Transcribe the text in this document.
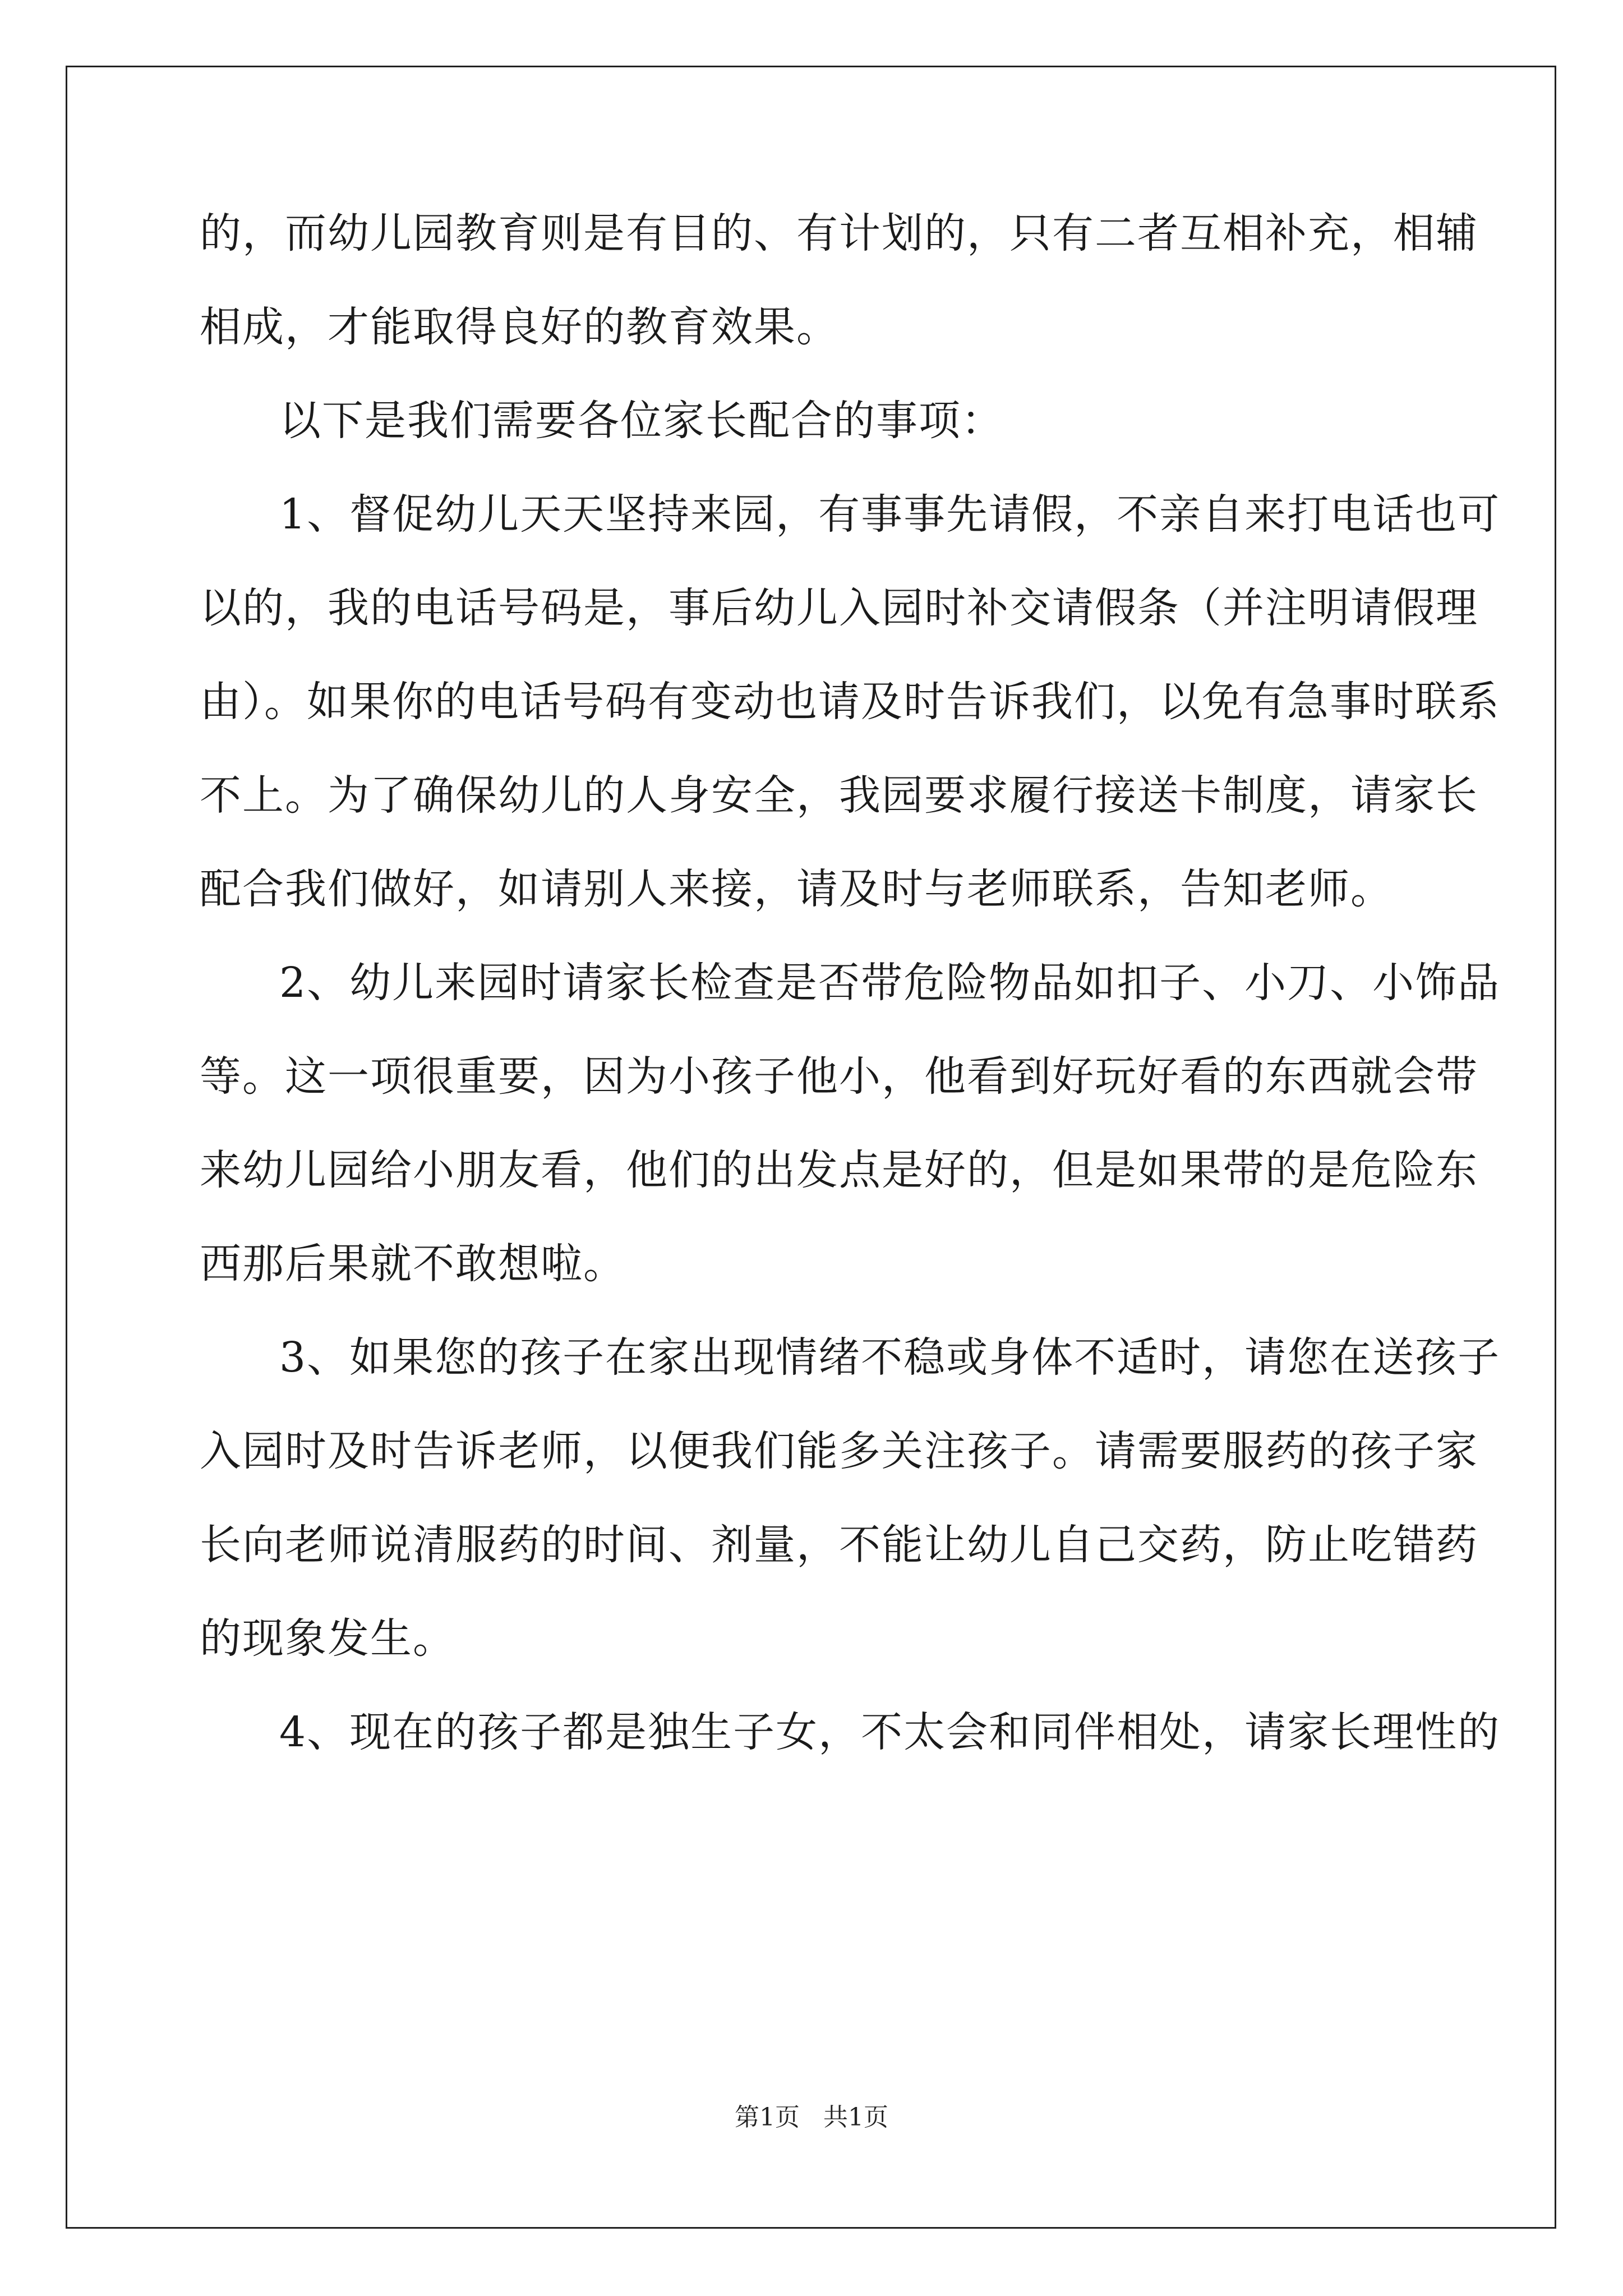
的，而幼儿园教育则是有目的、有计划的，只有二者互相补充，相辅
相成，才能取得良好的教育效果。
以下是我们需要各位家长配合的事项：
1、督促幼儿天天坚持来园，有事事先请假，不亲自来打电话也可
以的，我的电话号码是，事后幼儿入园时补交请假条（并注明请假理
由）。如果你的电话号码有变动也请及时告诉我们，以免有急事时联系
不上。为了确保幼儿的人身安全，我园要求履行接送卡制度，请家长
配合我们做好，如请别人来接，请及时与老师联系，告知老师。
2、幼儿来园时请家长检查是否带危险物品如扣子、小刀、小饰品
等。这一项很重要，因为小孩子他小，他看到好玩好看的东西就会带
来幼儿园给小朋友看，他们的出发点是好的，但是如果带的是危险东
西那后果就不敢想啦。
3、如果您的孩子在家出现情绪不稳或身体不适时，请您在送孩子
入园时及时告诉老师，以便我们能多关注孩子。请需要服药的孩子家
长向老师说清服药的时间、剂量，不能让幼儿自己交药，防止吃错药
的现象发生。
4、现在的孩子都是独生子女，不太会和同伴相处，请家长理性的
第1页   共1页
